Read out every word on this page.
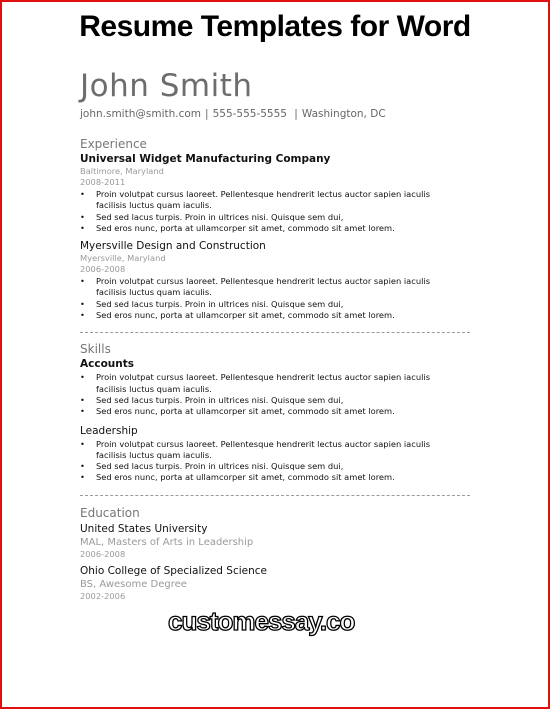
Resume Templates for Word
John Smith
john.smith@smith.com | 555-555-5555 | Washington, DC
Experience
Universal Widget Manufacturing Company
Baltimore, Maryland
2008-2011
• Proin volutpat cursus laoreet. Pellentesque hendrerit lectus auctor sapien iaculis facilisis luctus quam iaculis.
• Sed sed lacus turpis. Proin in ultrices nisi. Quisque sem dui,
• Sed eros nunc, porta at ullamcorper sit amet, commodo sit amet lorem.
Myersville Design and Construction
Myersville, Maryland
2006-2008
• Proin volutpat cursus laoreet. Pellentesque hendrerit lectus auctor sapien iaculis facilisis luctus quam iaculis.
• Sed sed lacus turpis. Proin in ultrices nisi. Quisque sem dui,
• Sed eros nunc, porta at ullamcorper sit amet, commodo sit amet lorem.
Skills
Accounts
• Proin volutpat cursus laoreet. Pellentesque hendrerit lectus auctor sapien iaculis facilisis luctus quam iaculis.
• Sed sed lacus turpis. Proin in ultrices nisi. Quisque sem dui,
• Sed eros nunc, porta at ullamcorper sit amet, commodo sit amet lorem.
Leadership
• Proin volutpat cursus laoreet. Pellentesque hendrerit lectus auctor sapien iaculis facilisis luctus quam iaculis.
• Sed sed lacus turpis. Proin in ultrices nisi. Quisque sem dui,
• Sed eros nunc, porta at ullamcorper sit amet, commodo sit amet lorem.
Education
United States University
MAL, Masters of Arts in Leadership
2006-2008
Ohio College of Specialized Science
BS, Awesome Degree
2002-2006
customessay.co
